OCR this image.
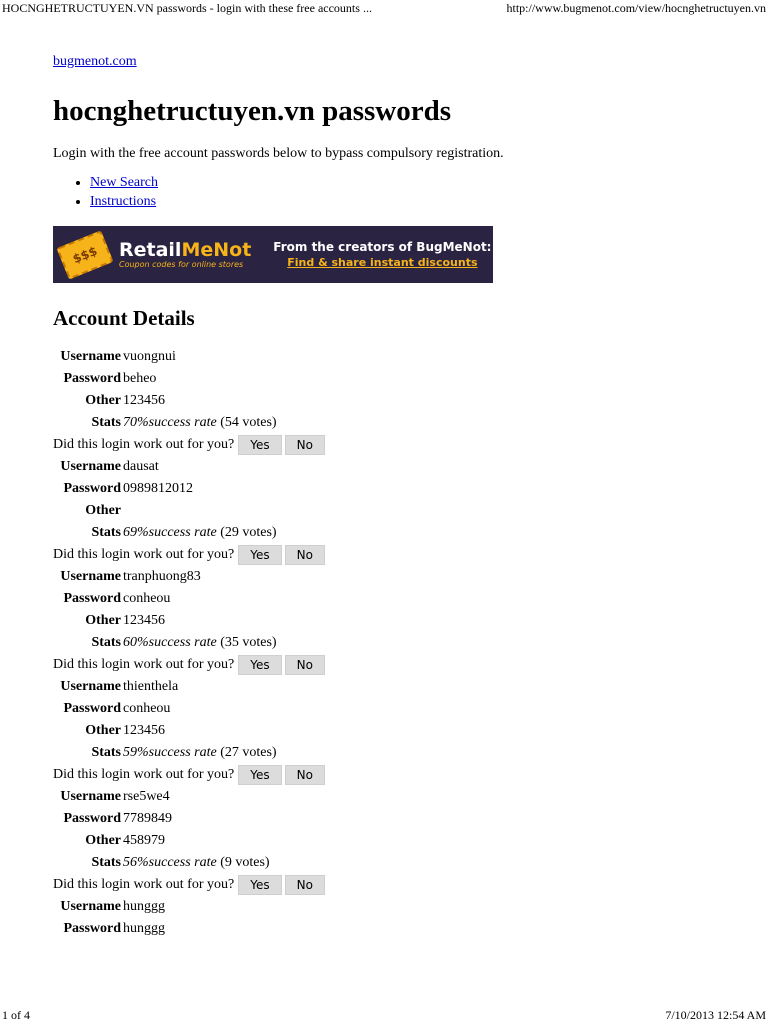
HOCNGHETRUCTUYEN.VN passwords - login with these free accounts ...	http://www.bugmenot.com/view/hocnghetructuyen.vn
bugmenot.com
hocnghetructuyen.vn passwords

Login with the free account passwords below to bypass compulsory registration.

• New Search
• Instructions
$$$	RetailMeNot
Coupon codes for online stores
From the creators of BugMeNot:
Find & share instant discounts
Account Details
Username vuongnui
Password beheo
Other 123456
Stats 70%success rate (54 votes)
Did this login work out for you?	Yes	No
Username dausat
Password 0989812012
Other
Stats 69%success rate (29 votes)
Did this login work out for you?	Yes	No
Username tranphuong83
Password conheou
Other 123456
Stats 60%success rate (35 votes)
Did this login work out for you?	Yes	No
Username thienthela
Password conheou
Other 123456
Stats 59%success rate (27 votes)
Did this login work out for you?	Yes	No
Username rse5we4
Password 7789849
Other 458979
Stats 56%success rate (9 votes)
Did this login work out for you?	Yes	No
Username hunggg
Password hunggg
1 of 4	7/10/2013 12:54 AM
